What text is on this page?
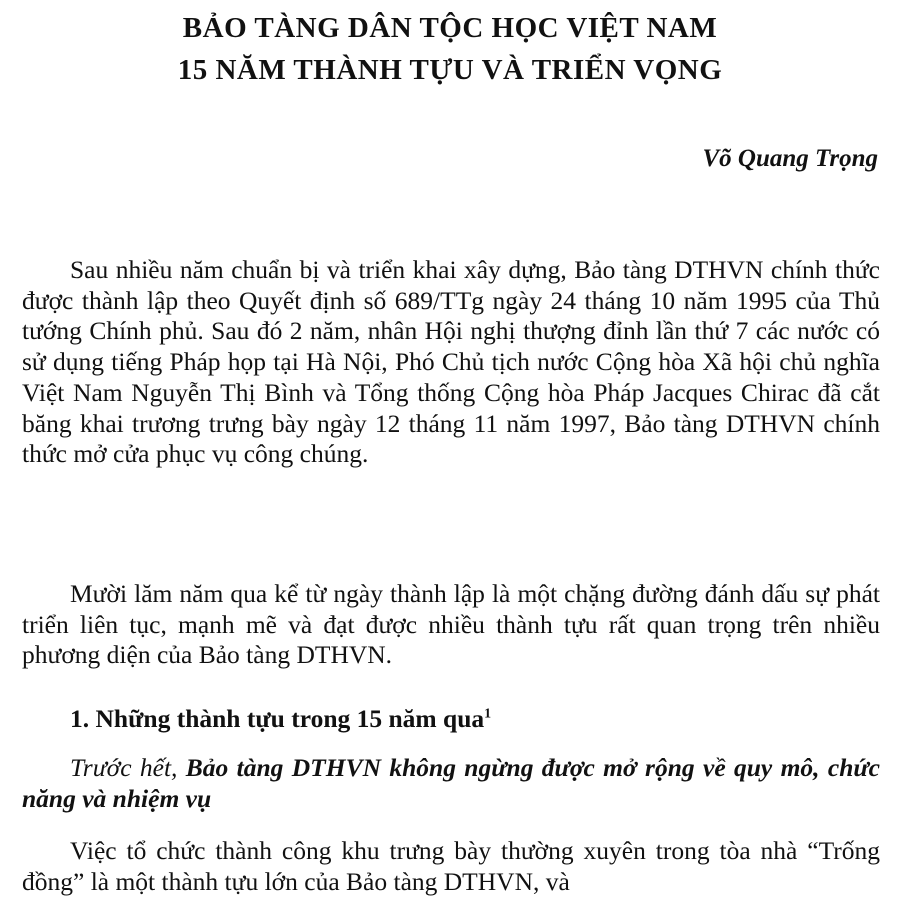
BẢO TÀNG DÂN TỘC HỌC VIỆT NAM
15 NĂM THÀNH TỰU VÀ TRIỂN VỌNG

Võ Quang Trọng

Sau nhiều năm chuẩn bị và triển khai xây dựng, Bảo tàng DTHVN chính thức được thành lập theo Quyết định số 689/TTg ngày 24 tháng 10 năm 1995 của Thủ tướng Chính phủ. Sau đó 2 năm, nhân Hội nghị thượng đỉnh lần thứ 7 các nước có sử dụng tiếng Pháp họp tại Hà Nội, Phó Chủ tịch nước Cộng hòa Xã hội chủ nghĩa Việt Nam Nguyễn Thị Bình và Tổng thống Cộng hòa Pháp Jacques Chirac đã cắt băng khai trương trưng bày ngày 12 tháng 11 năm 1997, Bảo tàng DTHVN chính thức mở cửa phục vụ công chúng.

Mười lăm năm qua kể từ ngày thành lập là một chặng đường đánh dấu sự phát triển liên tục, mạnh mẽ và đạt được nhiều thành tựu rất quan trọng trên nhiều phương diện của Bảo tàng DTHVN.

1. Những thành tựu trong 15 năm qua$^1$

Trước hết, Bảo tàng DTHVN không ngừng được mở rộng về quy mô, chức năng và nhiệm vụ

Việc tổ chức thành công khu trưng bày thường xuyên trong tòa nhà “Trống đồng” là một thành tựu lớn của Bảo tàng DTHVN, và
